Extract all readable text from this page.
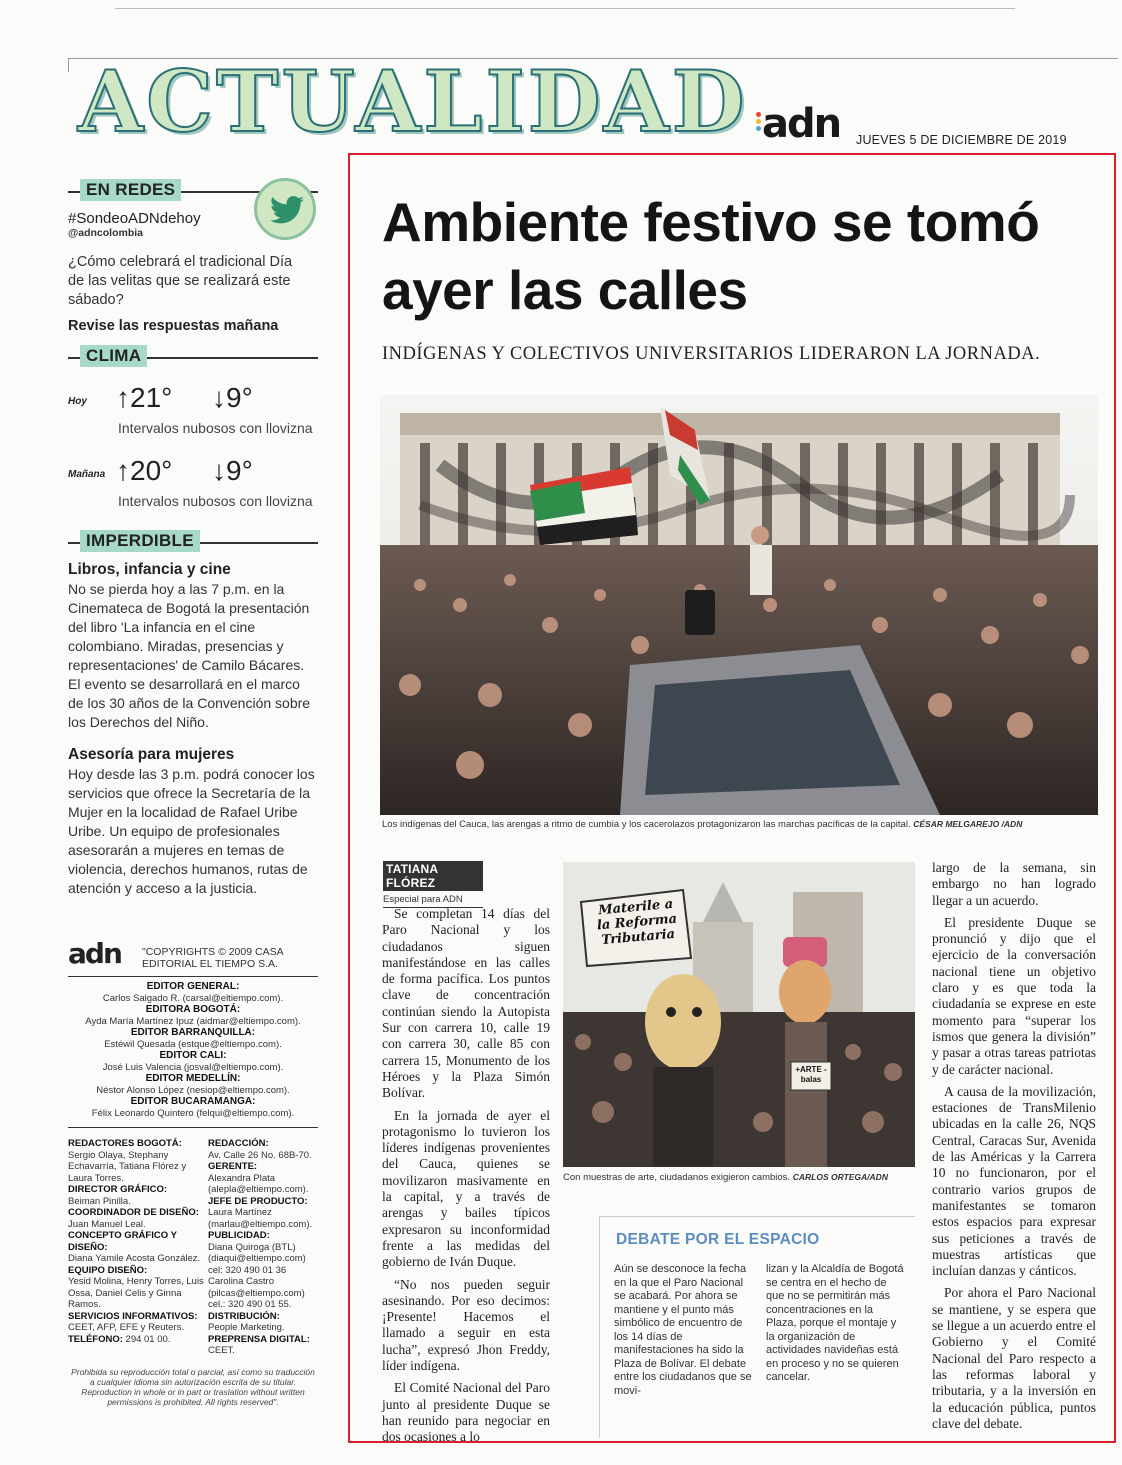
ACTUALIDAD adn JUEVES 5 DE DICIEMBRE DE 2019
EN REDES
#SondeoADNdehoy
@adncolombia
¿Cómo celebrará el tradicional Día de las velitas que se realizará este sábado?
Revise las respuestas mañana
CLIMA
Hoy ↑21° ↓9°
Intervalos nubosos con llovizna
Mañana ↑20° ↓9°
Intervalos nubosos con llovizna
IMPERDIBLE
Libros, infancia y cine
No se pierda hoy a las 7 p.m. en la Cinemateca de Bogotá la presentación del libro 'La infancia en el cine colombiano. Miradas, presencias y representaciones' de Camilo Bácares. El evento se desarrollará en el marco de los 30 años de la Convención sobre los Derechos del Niño.
Asesoría para mujeres
Hoy desde las 3 p.m. podrá conocer los servicios que ofrece la Secretaría de la Mujer en la localidad de Rafael Uribe Uribe. Un equipo de profesionales asesorarán a mujeres en temas de violencia, derechos humanos, rutas de atención y acceso a la justicia.
adn	"COPYRIGHTS © 2009 CASA EDITORIAL EL TIEMPO S.A.
EDITOR GENERAL:
Carlos Salgado R. (carsal@eltiempo.com).
EDITORA BOGOTÁ:
Ayda María Martínez Ipuz (aidmar@eltiempo.com).
EDITOR BARRANQUILLA:
Estéwil Quesada (estque@eltiempo.com).
EDITOR CALI:
José Luis Valencia (josval@eltiempo.com).
EDITOR MEDELLÍN:
Néstor Alonso López (nesiop@eltiempo.com).
EDITOR BUCARAMANGA:
Félix Leonardo Quintero (felqui@eltiempo.com).
REDACTORES BOGOTÁ:
Sergio Olaya, Stephany Echavarría, Tatiana Flórez y Laura Torres.
DIRECTOR GRÁFICO:
Beiman Pinilla.
COORDINADOR DE DISEÑO:
Juan Manuel Leal.
CONCEPTO GRÁFICO Y DISEÑO:
Diana Yamile Acosta González.
EQUIPO DISEÑO:
Yesid Molina, Henry Torres, Luis Ossa, Daniel Celis y Ginna Ramos.
SERVICIOS INFORMATIVOS:
CEET, AFP, EFE y Reuters.
TELÉFONO: 294 01 00.
REDACCIÓN:
Av. Calle 26 No. 68B-70.
GERENTE:
Alexandra Plata (alepla@eltiempo.com).
JEFE DE PRODUCTO:
Laura Martínez (marlau@eltiempo.com).
PUBLICIDAD:
Diana Quiroga (BTL) (diaqui@eltiempo.com) cel: 320 490 01 36 Carolina Castro (pilcas@eltiempo.com) cel.: 320 490 01 55.
DISTRIBUCIÓN:
People Marketing.
PREPRENSA DIGITAL:
CEET.
Prohibida su reproducción total o parcial, así como su traducción a cualquier idioma sin autorización escrita de su titular. Reproduction in whole or in part or traslation without written permissions is prohibited. All rights reserved".
Ambiente festivo se tomó ayer las calles
INDÍGENAS Y COLECTIVOS UNIVERSITARIOS LIDERARON LA JORNADA.
Los indígenas del Cauca, las arengas a ritmo de cumbia y los cacerolazos protagonizaron las marchas pacíficas de la capital. CÉSAR MELGAREJO /ADN
TATIANA FLÓREZ
Especial para ADN

Se completan 14 días del Paro Nacional y los ciudadanos siguen manifestándose en las calles de forma pacífica. Los puntos clave de concentración continúan siendo la Autopista Sur con carrera 10, calle 19 con carrera 30, calle 85 con carrera 15, Monumento de los Héroes y la Plaza Simón Bolívar.

En la jornada de ayer el protagonismo lo tuvieron los líderes indígenas provenientes del Cauca, quienes se movilizaron masivamente en la capital, y a través de arengas y bailes típicos expresaron su inconformidad frente a las medidas del gobierno de Iván Duque.

“No nos pueden seguir asesinando. Por eso decimos: ¡Presente! Hacemos el llamado a seguir en esta lucha”, expresó Jhon Freddy, líder indígena.

El Comité Nacional del Paro junto al presidente Duque se han reunido para negociar en dos ocasiones a lo

Materile a la Reforma Tributaria
+ARTE -balas
Con muestras de arte, ciudadanos exigieron cambios. CARLOS ORTEGA/ADN
DEBATE POR EL ESPACIO
Aún se desconoce la fecha en la que el Paro Nacional se acabará. Por ahora se mantiene y el punto más simbólico de encuentro de los 14 días de manifestaciones ha sido la Plaza de Bolívar. El debate entre los ciudadanos que se movi-
lizan y la Alcaldía de Bogotá se centra en el hecho de que no se permitirán más concentraciones en la Plaza, porque el montaje y la organización de actividades navideñas está en proceso y no se quieren cancelar.

largo de la semana, sin embargo no han logrado llegar a un acuerdo.

El presidente Duque se pronunció y dijo que el ejercicio de la conversación nacional tiene un objetivo claro y es que toda la ciudadanía se exprese en este momento para “superar los ismos que genera la división” y pasar a otras tareas patriotas y de carácter nacional.

A causa de la movilización, estaciones de TransMilenio ubicadas en la calle 26, NQS Central, Caracas Sur, Avenida de las Américas y la Carrera 10 no funcionaron, por el contrario varios grupos de manifestantes se tomaron estos espacios para expresar sus peticiones a través de muestras artísticas que incluían danzas y cánticos.

Por ahora el Paro Nacional se mantiene, y se espera que se llegue a un acuerdo entre el Gobierno y el Comité Nacional del Paro respecto a las reformas laboral y tributaria, y a la inversión en la educación pública, puntos clave del debate.
